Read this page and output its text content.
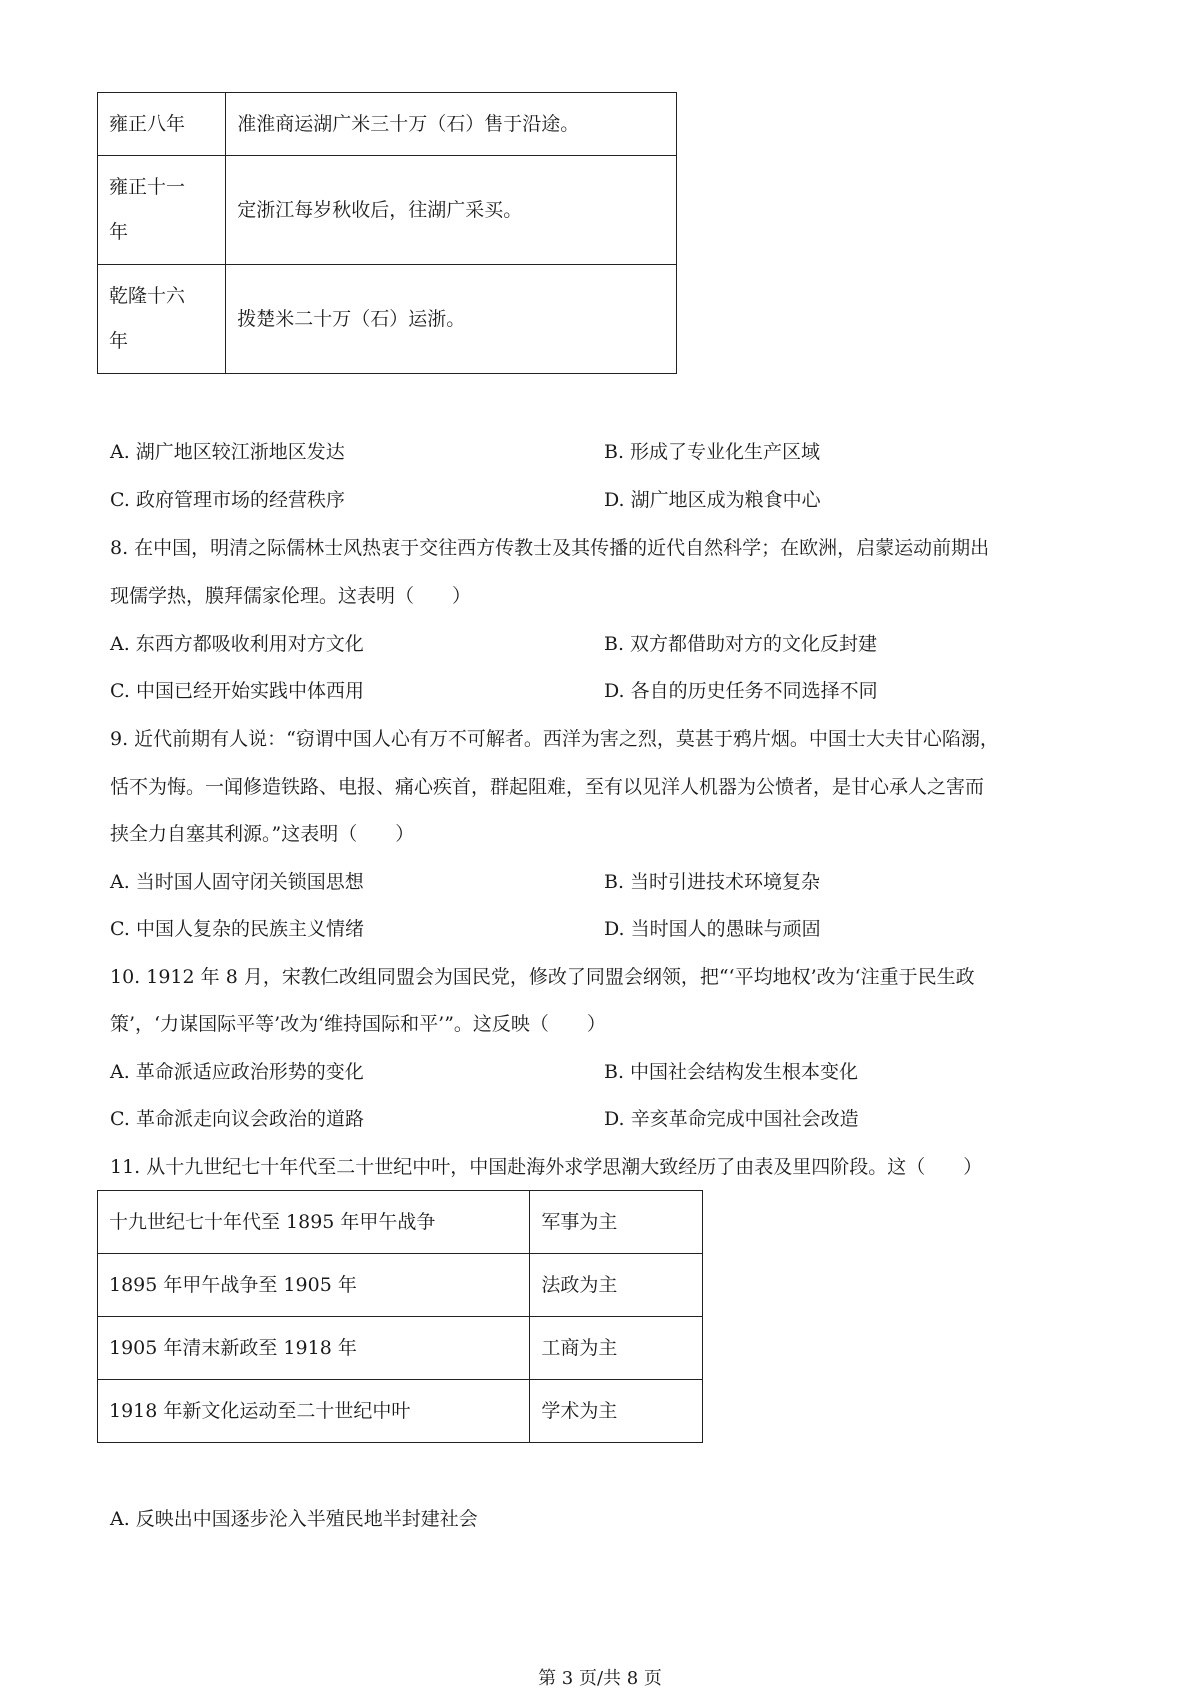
雍正八年	准淮商运湖广米三十万（石）售于沿途。
雍正十一
年	定浙江每岁秋收后，往湖广采买。
乾隆十六
年	拨楚米二十万（石）运浙。
A. 湖广地区较江浙地区发达	B. 形成了专业化生产区域
C. 政府管理市场的经营秩序	D. 湖广地区成为粮食中心
8. 在中国，明清之际儒林士风热衷于交往西方传教士及其传播的近代自然科学；在欧洲，启蒙运动前期出
现儒学热，膜拜儒家伦理。这表明（　　）
A. 东西方都吸收利用对方文化	B. 双方都借助对方的文化反封建
C. 中国已经开始实践中体西用	D. 各自的历史任务不同选择不同
9. 近代前期有人说：“窃谓中国人心有万不可解者。西洋为害之烈，莫甚于鸦片烟。中国士大夫甘心陷溺，
恬不为悔。一闻修造铁路、电报、痛心疾首，群起阻难，至有以见洋人机器为公愤者，是甘心承人之害而
挟全力自塞其利源。”这表明（　　）
A. 当时国人固守闭关锁国思想	B. 当时引进技术环境复杂
C. 中国人复杂的民族主义情绪	D. 当时国人的愚昧与顽固
10. 1912 年 8 月，宋教仁改组同盟会为国民党，修改了同盟会纲领，把“‘平均地权’改为‘注重于民生政
策’，‘力谋国际平等’改为‘维持国际和平’”。这反映（　　）
A. 革命派适应政治形势的变化	B. 中国社会结构发生根本变化
C. 革命派走向议会政治的道路	D. 辛亥革命完成中国社会改造
11. 从十九世纪七十年代至二十世纪中叶，中国赴海外求学思潮大致经历了由表及里四阶段。这（　　）
十九世纪七十年代至 1895 年甲午战争	军事为主
1895 年甲午战争至 1905 年	法政为主
1905 年清末新政至 1918 年	工商为主
1918 年新文化运动至二十世纪中叶	学术为主
A. 反映出中国逐步沦入半殖民地半封建社会
第 3 页/共 8 页
